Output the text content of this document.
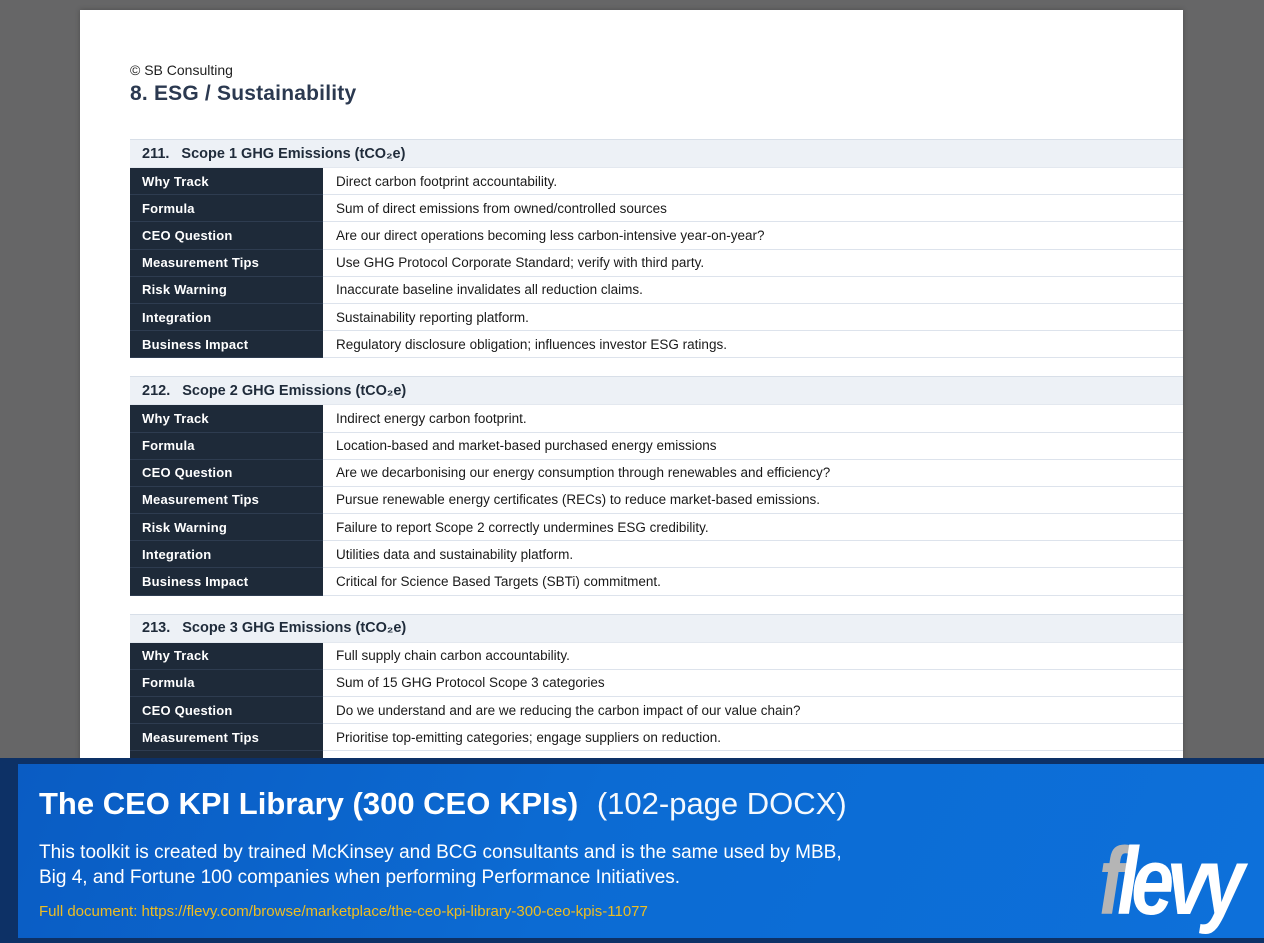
© SB Consulting
8. ESG / Sustainability
211. Scope 1 GHG Emissions (tCO₂e)
Why Track	Direct carbon footprint accountability.
Formula	Sum of direct emissions from owned/controlled sources
CEO Question	Are our direct operations becoming less carbon-intensive year-on-year?
Measurement Tips	Use GHG Protocol Corporate Standard; verify with third party.
Risk Warning	Inaccurate baseline invalidates all reduction claims.
Integration	Sustainability reporting platform.
Business Impact	Regulatory disclosure obligation; influences investor ESG ratings.
212. Scope 2 GHG Emissions (tCO₂e)
Why Track	Indirect energy carbon footprint.
Formula	Location-based and market-based purchased energy emissions
CEO Question	Are we decarbonising our energy consumption through renewables and efficiency?
Measurement Tips	Pursue renewable energy certificates (RECs) to reduce market-based emissions.
Risk Warning	Failure to report Scope 2 correctly undermines ESG credibility.
Integration	Utilities data and sustainability platform.
Business Impact	Critical for Science Based Targets (SBTi) commitment.
213. Scope 3 GHG Emissions (tCO₂e)
Why Track	Full supply chain carbon accountability.
Formula	Sum of 15 GHG Protocol Scope 3 categories
CEO Question	Do we understand and are we reducing the carbon impact of our value chain?
Measurement Tips	Prioritise top-emitting categories; engage suppliers on reduction.
The CEO KPI Library (300 CEO KPIs) (102-page DOCX)
This toolkit is created by trained McKinsey and BCG consultants and is the same used by MBB,
Big 4, and Fortune 100 companies when performing Performance Initiatives.
Full document: https://flevy.com/browse/marketplace/the-ceo-kpi-library-300-ceo-kpis-11077	flevy
